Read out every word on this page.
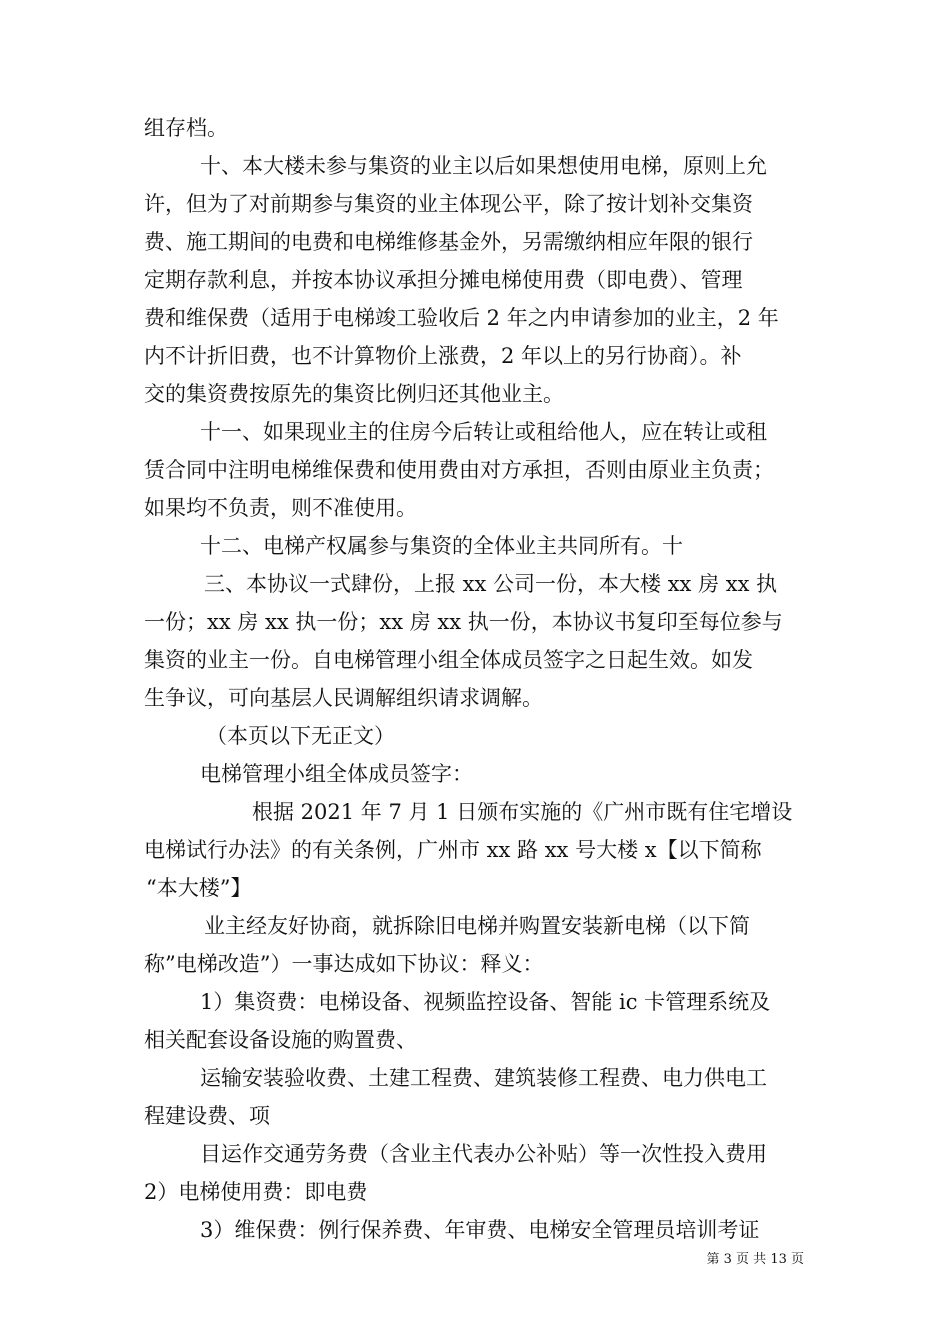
组存档。
十、本大楼未参与集资的业主以后如果想使用电梯，原则上允
许，但为了对前期参与集资的业主体现公平，除了按计划补交集资
费、施工期间的电费和电梯维修基金外，另需缴纳相应年限的银行
定期存款利息，并按本协议承担分摊电梯使用费（即电费）、管理
费和维保费（适用于电梯竣工验收后 2 年之内申请参加的业主，2 年
内不计折旧费，也不计算物价上涨费，2 年以上的另行协商）。补
交的集资费按原先的集资比例归还其他业主。
十一、如果现业主的住房今后转让或租给他人，应在转让或租
赁合同中注明电梯维保费和使用费由对方承担，否则由原业主负责；
如果均不负责，则不准使用。
十二、电梯产权属参与集资的全体业主共同所有。十
三、本协议一式肆份，上报 xx 公司一份，本大楼 xx 房 xx 执
一份；xx 房 xx 执一份；xx 房 xx 执一份，本协议书复印至每位参与
集资的业主一份。自电梯管理小组全体成员签字之日起生效。如发
生争议，可向基层人民调解组织请求调解。
（本页以下无正文）
电梯管理小组全体成员签字：
根据 2021 年 7 月 1 日颁布实施的《广州市既有住宅增设
电梯试行办法》的有关条例，广州市 xx 路 xx 号大楼 x【以下简称
“本大楼”】
业主经友好协商，就拆除旧电梯并购置安装新电梯（以下简
称”电梯改造”）一事达成如下协议：释义：
1）集资费：电梯设备、视频监控设备、智能 ic 卡管理系统及
相关配套设备设施的购置费、
运输安装验收费、土建工程费、建筑装修工程费、电力供电工
程建设费、项
目运作交通劳务费（含业主代表办公补贴）等一次性投入费用
2）电梯使用费：即电费
3）维保费：例行保养费、年审费、电梯安全管理员培训考证
第 3 页 共 13 页
